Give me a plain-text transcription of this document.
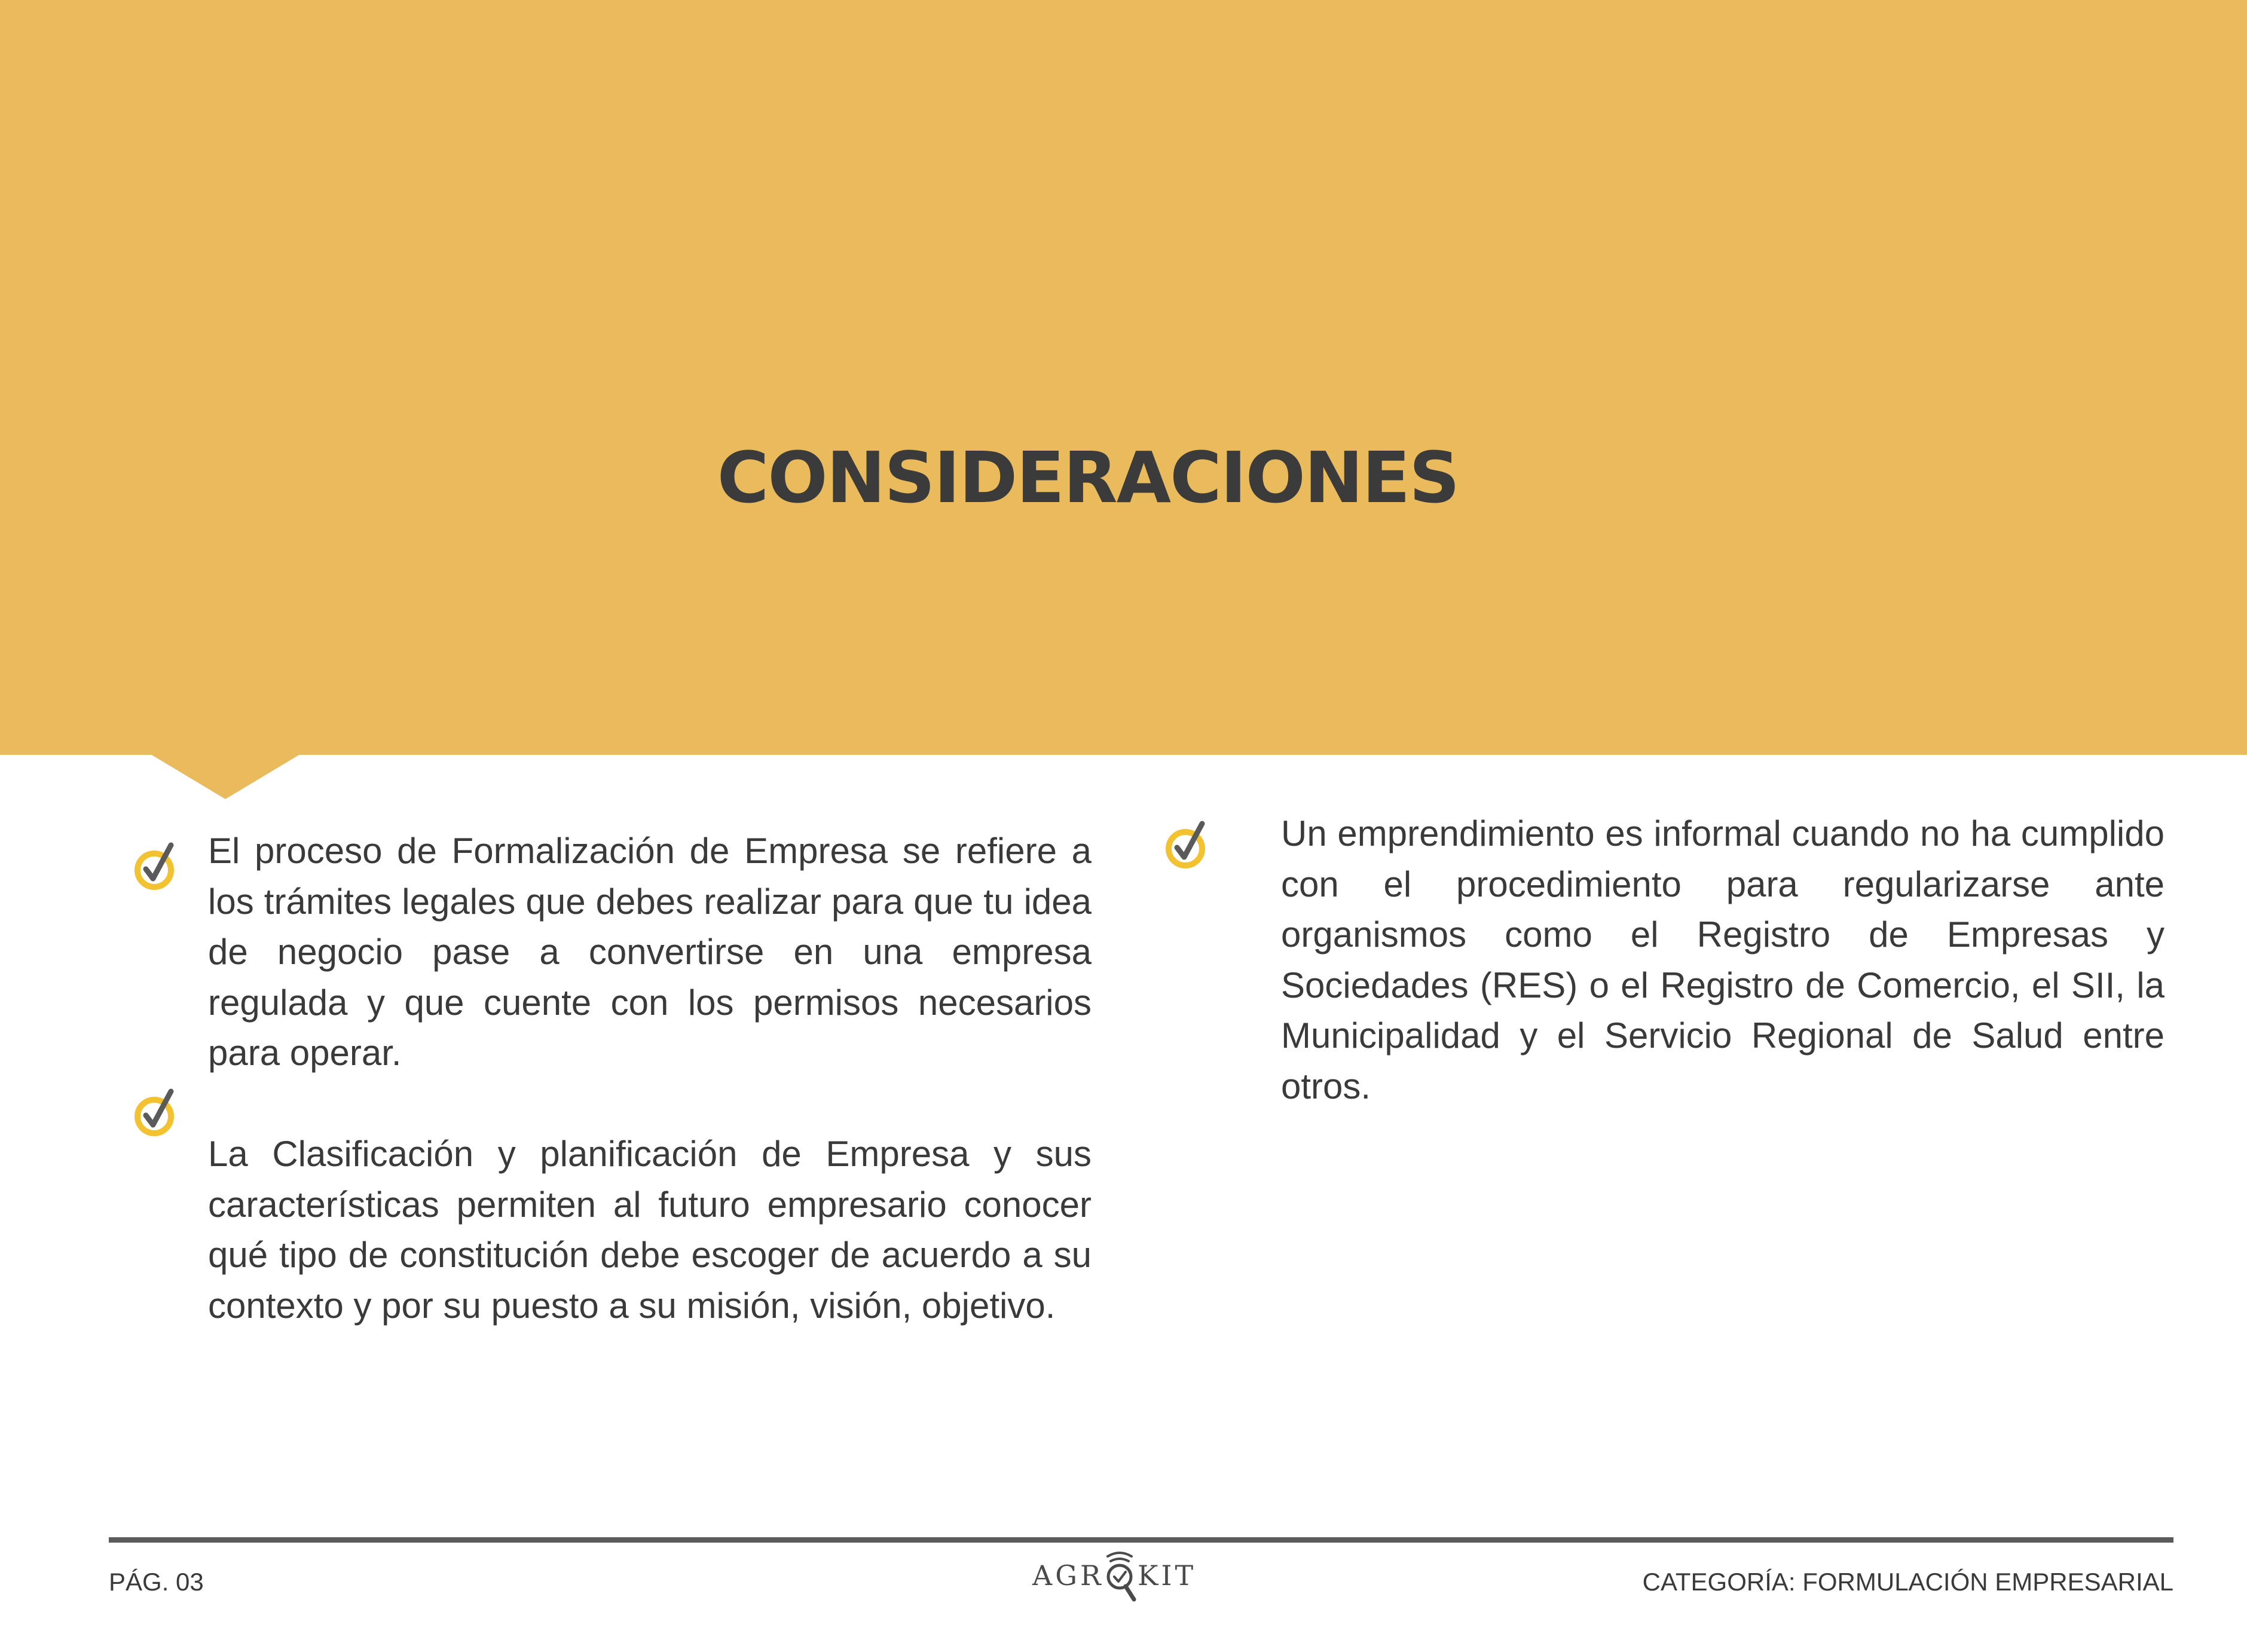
CONSIDERACIONES

El proceso de Formalización de Empresa se refiere a los trámites legales que debes realizar para que tu idea de negocio pase a convertirse en una empresa regulada y que cuente con los permisos necesarios para operar.

La Clasificación y planificación de Empresa y sus características permiten al futuro empresario conocer qué tipo de constitución debe escoger de acuerdo a su contexto y por su puesto a su misión, visión, objetivo.

Un emprendimiento es informal cuando no ha cumplido con el procedimiento para regularizarse ante organismos como el Registro de Empresas y Sociedades (RES) o el Registro de Comercio, el SII, la Municipalidad y el Servicio Regional de Salud entre otros.

PÁG. 03	AGR KIT	CATEGORÍA: FORMULACIÓN EMPRESARIAL
